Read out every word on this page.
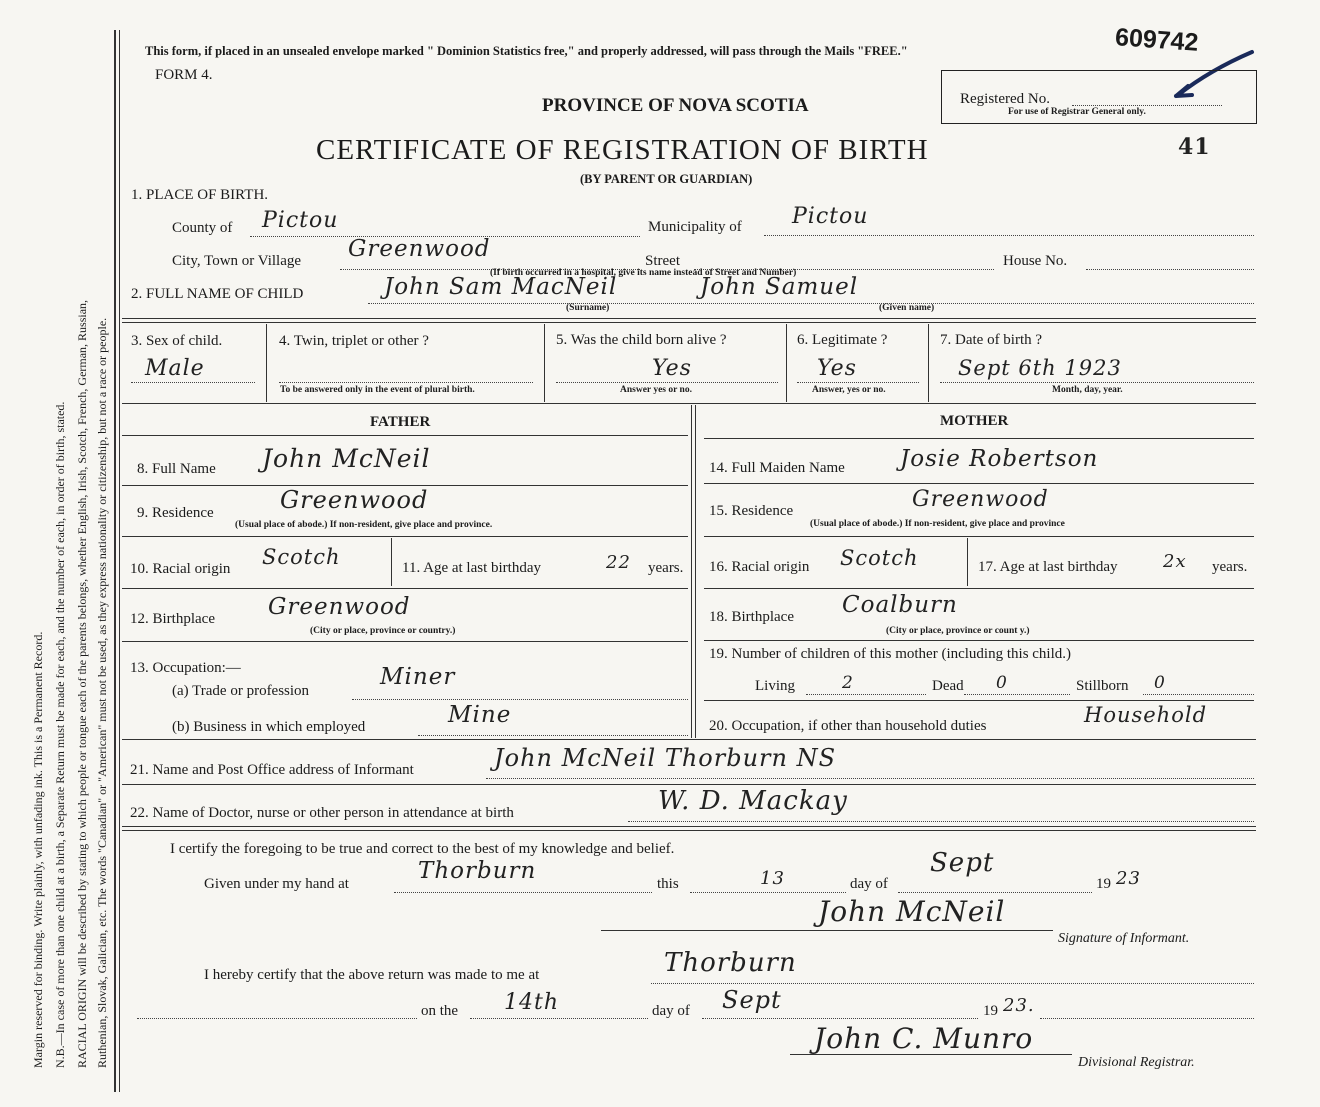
Margin reserved for binding. Write plainly, with unfading ink. This is a Permanent Record. N.B.—In case of more than one child at a birth, a Separate Return must be made for each, and the number of each, in order of birth, stated. RACIAL ORIGIN will be described by stating to which people or tongue each of the parents belongs, whether English, Irish, Scotch, French, German, Russian, Ruthenian, Slovak, Galician, etc. The words "Canadian" or "American" must not be used, as they express nationality or citizenship, but not a race or people.
This form, if placed in an unsealed envelope marked " Dominion Statistics free," and properly addressed, will pass through the Mails "FREE."
FORM 4.
609742
Registered No.
For use of Registrar General only.
PROVINCE OF NOVA SCOTIA
CERTIFICATE OF REGISTRATION OF BIRTH
(BY PARENT OR GUARDIAN)
41
1. PLACE OF BIRTH.
County of Pictou	Municipality of Pictou
City, Town or Village Greenwood	Street	House No.
(If birth occurred in a hospital, give its name instead of Street and Number)
2. FULL NAME OF CHILD	John Sam MacNeil	John Samuel
(Surname)	(Given name)
3. Sex of child.
Male
4. Twin, triplet or other ?
To be answered only in the event of plural birth.
5. Was the child born alive ?
Yes
Answer yes or no.
6. Legitimate ?
Yes
Answer, yes or no.
7. Date of birth ?
Sept 6th 1923
Month, day, year.
FATHER	MOTHER
8. Full Name John McNeil
9. Residence	Greenwood
(Usual place of abode.) If non-resident, give place and province.
10. Racial origin Scotch	11. Age at last birthday	22 years.
12. Birthplace Greenwood
(City or place, province or country.)
13. Occupation:—
(a) Trade or profession
Miner
(b) Business in which employed	Mine
14. Full Maiden Name Josie Robertson
15. Residence	Greenwood
(Usual place of abode.) If non-resident, give place and province
16. Racial origin Scotch	17. Age at last birthday	2x years.
18. Birthplace Coalburn
(City or place, province or count y.)
19. Number of children of this mother (including this child.)
Living	2	Dead 0	Stillborn 0
20. Occupation, if other than household duties	Household
21. Name and Post Office address of Informant	John McNeil Thorburn NS
22. Name of Doctor, nurse or other person in attendance at birth	W. D. Mackay
I certify the foregoing to be true and correct to the best of my knowledge and belief.
Given under my hand at	Thorburn	this	13	day of
Sept
19 23
John McNeil
Signature of Informant.
I hereby certify that the above return was made to me at	Thorburn
on the 14th	day of Sept	19 23.
John C. Munro
Divisional Registrar.
